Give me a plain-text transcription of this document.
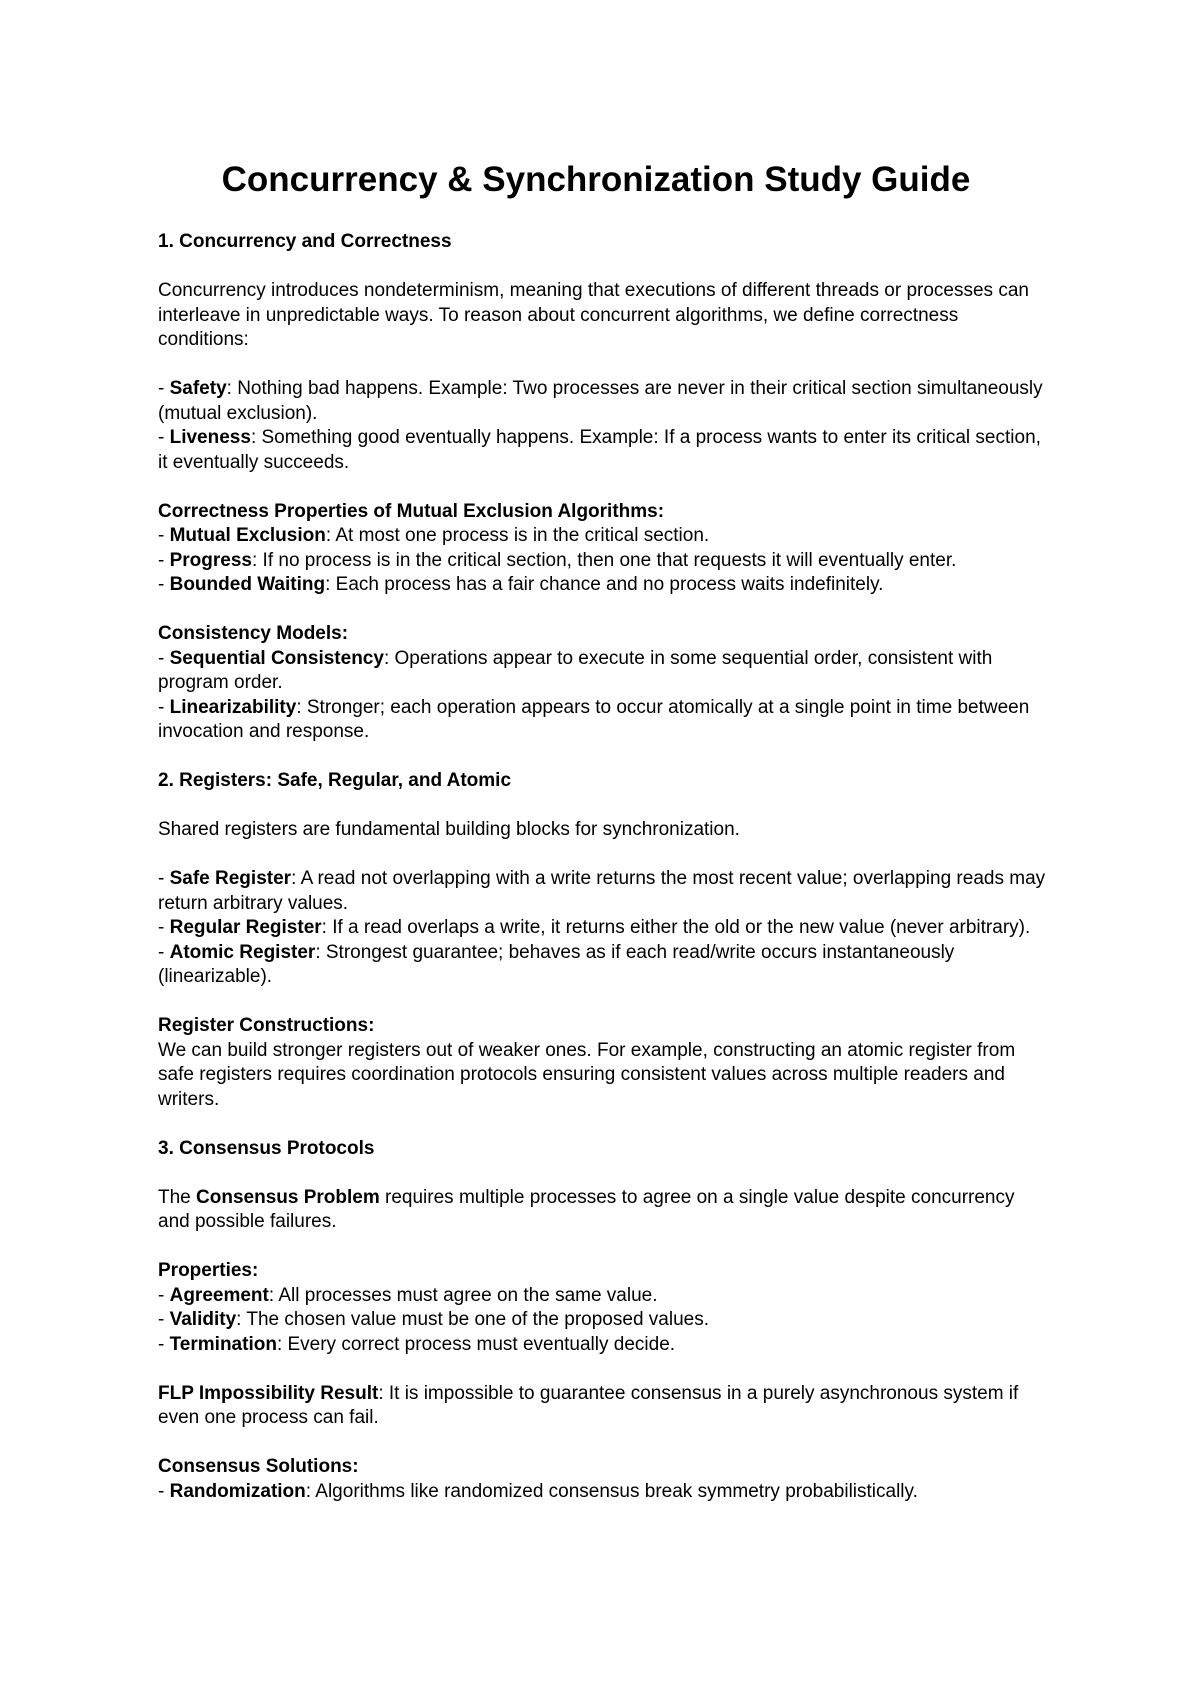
Concurrency & Synchronization Study Guide

1. Concurrency and Correctness

Concurrency introduces nondeterminism, meaning that executions of different threads or processes can interleave in unpredictable ways. To reason about concurrent algorithms, we define correctness conditions:

- Safety: Nothing bad happens. Example: Two processes are never in their critical section simultaneously (mutual exclusion).

- Liveness: Something good eventually happens. Example: If a process wants to enter its critical section, it eventually succeeds.

Correctness Properties of Mutual Exclusion Algorithms:

- Mutual Exclusion: At most one process is in the critical section.

- Progress: If no process is in the critical section, then one that requests it will eventually enter.

- Bounded Waiting: Each process has a fair chance and no process waits indefinitely.

Consistency Models:

- Sequential Consistency: Operations appear to execute in some sequential order, consistent with program order.

- Linearizability: Stronger; each operation appears to occur atomically at a single point in time between invocation and response.

2. Registers: Safe, Regular, and Atomic

Shared registers are fundamental building blocks for synchronization.

- Safe Register: A read not overlapping with a write returns the most recent value; overlapping reads may return arbitrary values.

- Regular Register: If a read overlaps a write, it returns either the old or the new value (never arbitrary).

- Atomic Register: Strongest guarantee; behaves as if each read/write occurs instantaneously (linearizable).

Register Constructions:

We can build stronger registers out of weaker ones. For example, constructing an atomic register from safe registers requires coordination protocols ensuring consistent values across multiple readers and writers.

3. Consensus Protocols

The Consensus Problem requires multiple processes to agree on a single value despite concurrency and possible failures.

Properties:

- Agreement: All processes must agree on the same value.

- Validity: The chosen value must be one of the proposed values.

- Termination: Every correct process must eventually decide.

FLP Impossibility Result: It is impossible to guarantee consensus in a purely asynchronous system if even one process can fail.

Consensus Solutions:

- Randomization: Algorithms like randomized consensus break symmetry probabilistically.
